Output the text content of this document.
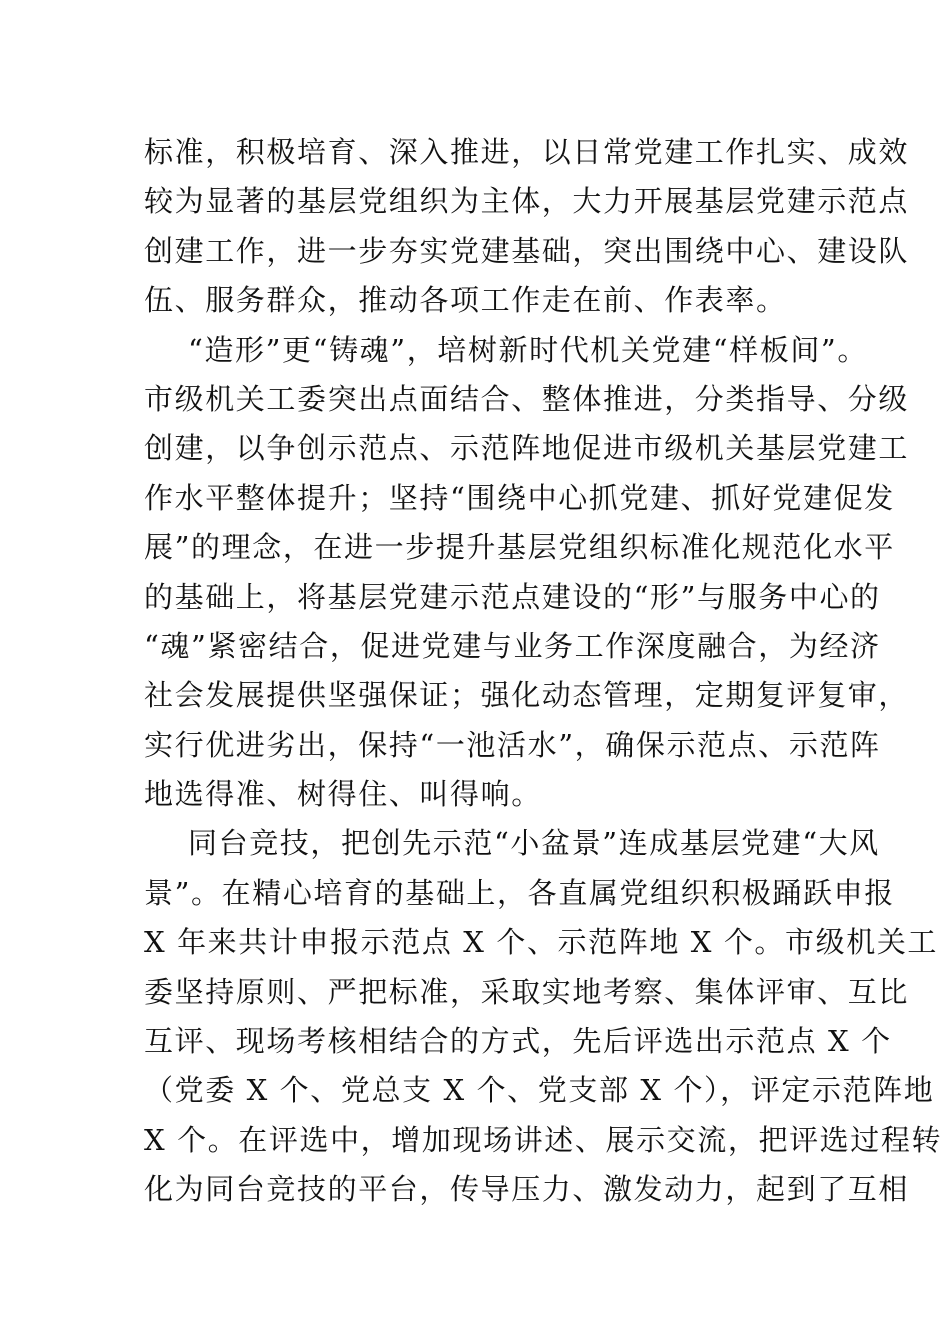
标准，积极培育、深入推进，以日常党建工作扎实、成效
较为显著的基层党组织为主体，大力开展基层党建示范点
创建工作，进一步夯实党建基础，突出围绕中心、建设队
伍、服务群众，推动各项工作走在前、作表率。
“造形”更“铸魂”，培树新时代机关党建“样板间”。
市级机关工委突出点面结合、整体推进，分类指导、分级
创建，以争创示范点、示范阵地促进市级机关基层党建工
作水平整体提升；坚持“围绕中心抓党建、抓好党建促发
展”的理念，在进一步提升基层党组织标准化规范化水平
的基础上，将基层党建示范点建设的“形”与服务中心的
“魂”紧密结合，促进党建与业务工作深度融合，为经济
社会发展提供坚强保证；强化动态管理，定期复评复审，
实行优进劣出，保持“一池活水”，确保示范点、示范阵
地选得准、树得住、叫得响。
同台竞技，把创先示范“小盆景”连成基层党建“大风
景”。在精心培育的基础上，各直属党组织积极踊跃申报
X 年来共计申报示范点 X 个、示范阵地 X 个。市级机关工
委坚持原则、严把标准，采取实地考察、集体评审、互比
互评、现场考核相结合的方式，先后评选出示范点 X 个
（党委 X 个、党总支 X 个、党支部 X 个），评定示范阵地
X 个。在评选中，增加现场讲述、展示交流，把评选过程转
化为同台竞技的平台，传导压力、激发动力，起到了互相
